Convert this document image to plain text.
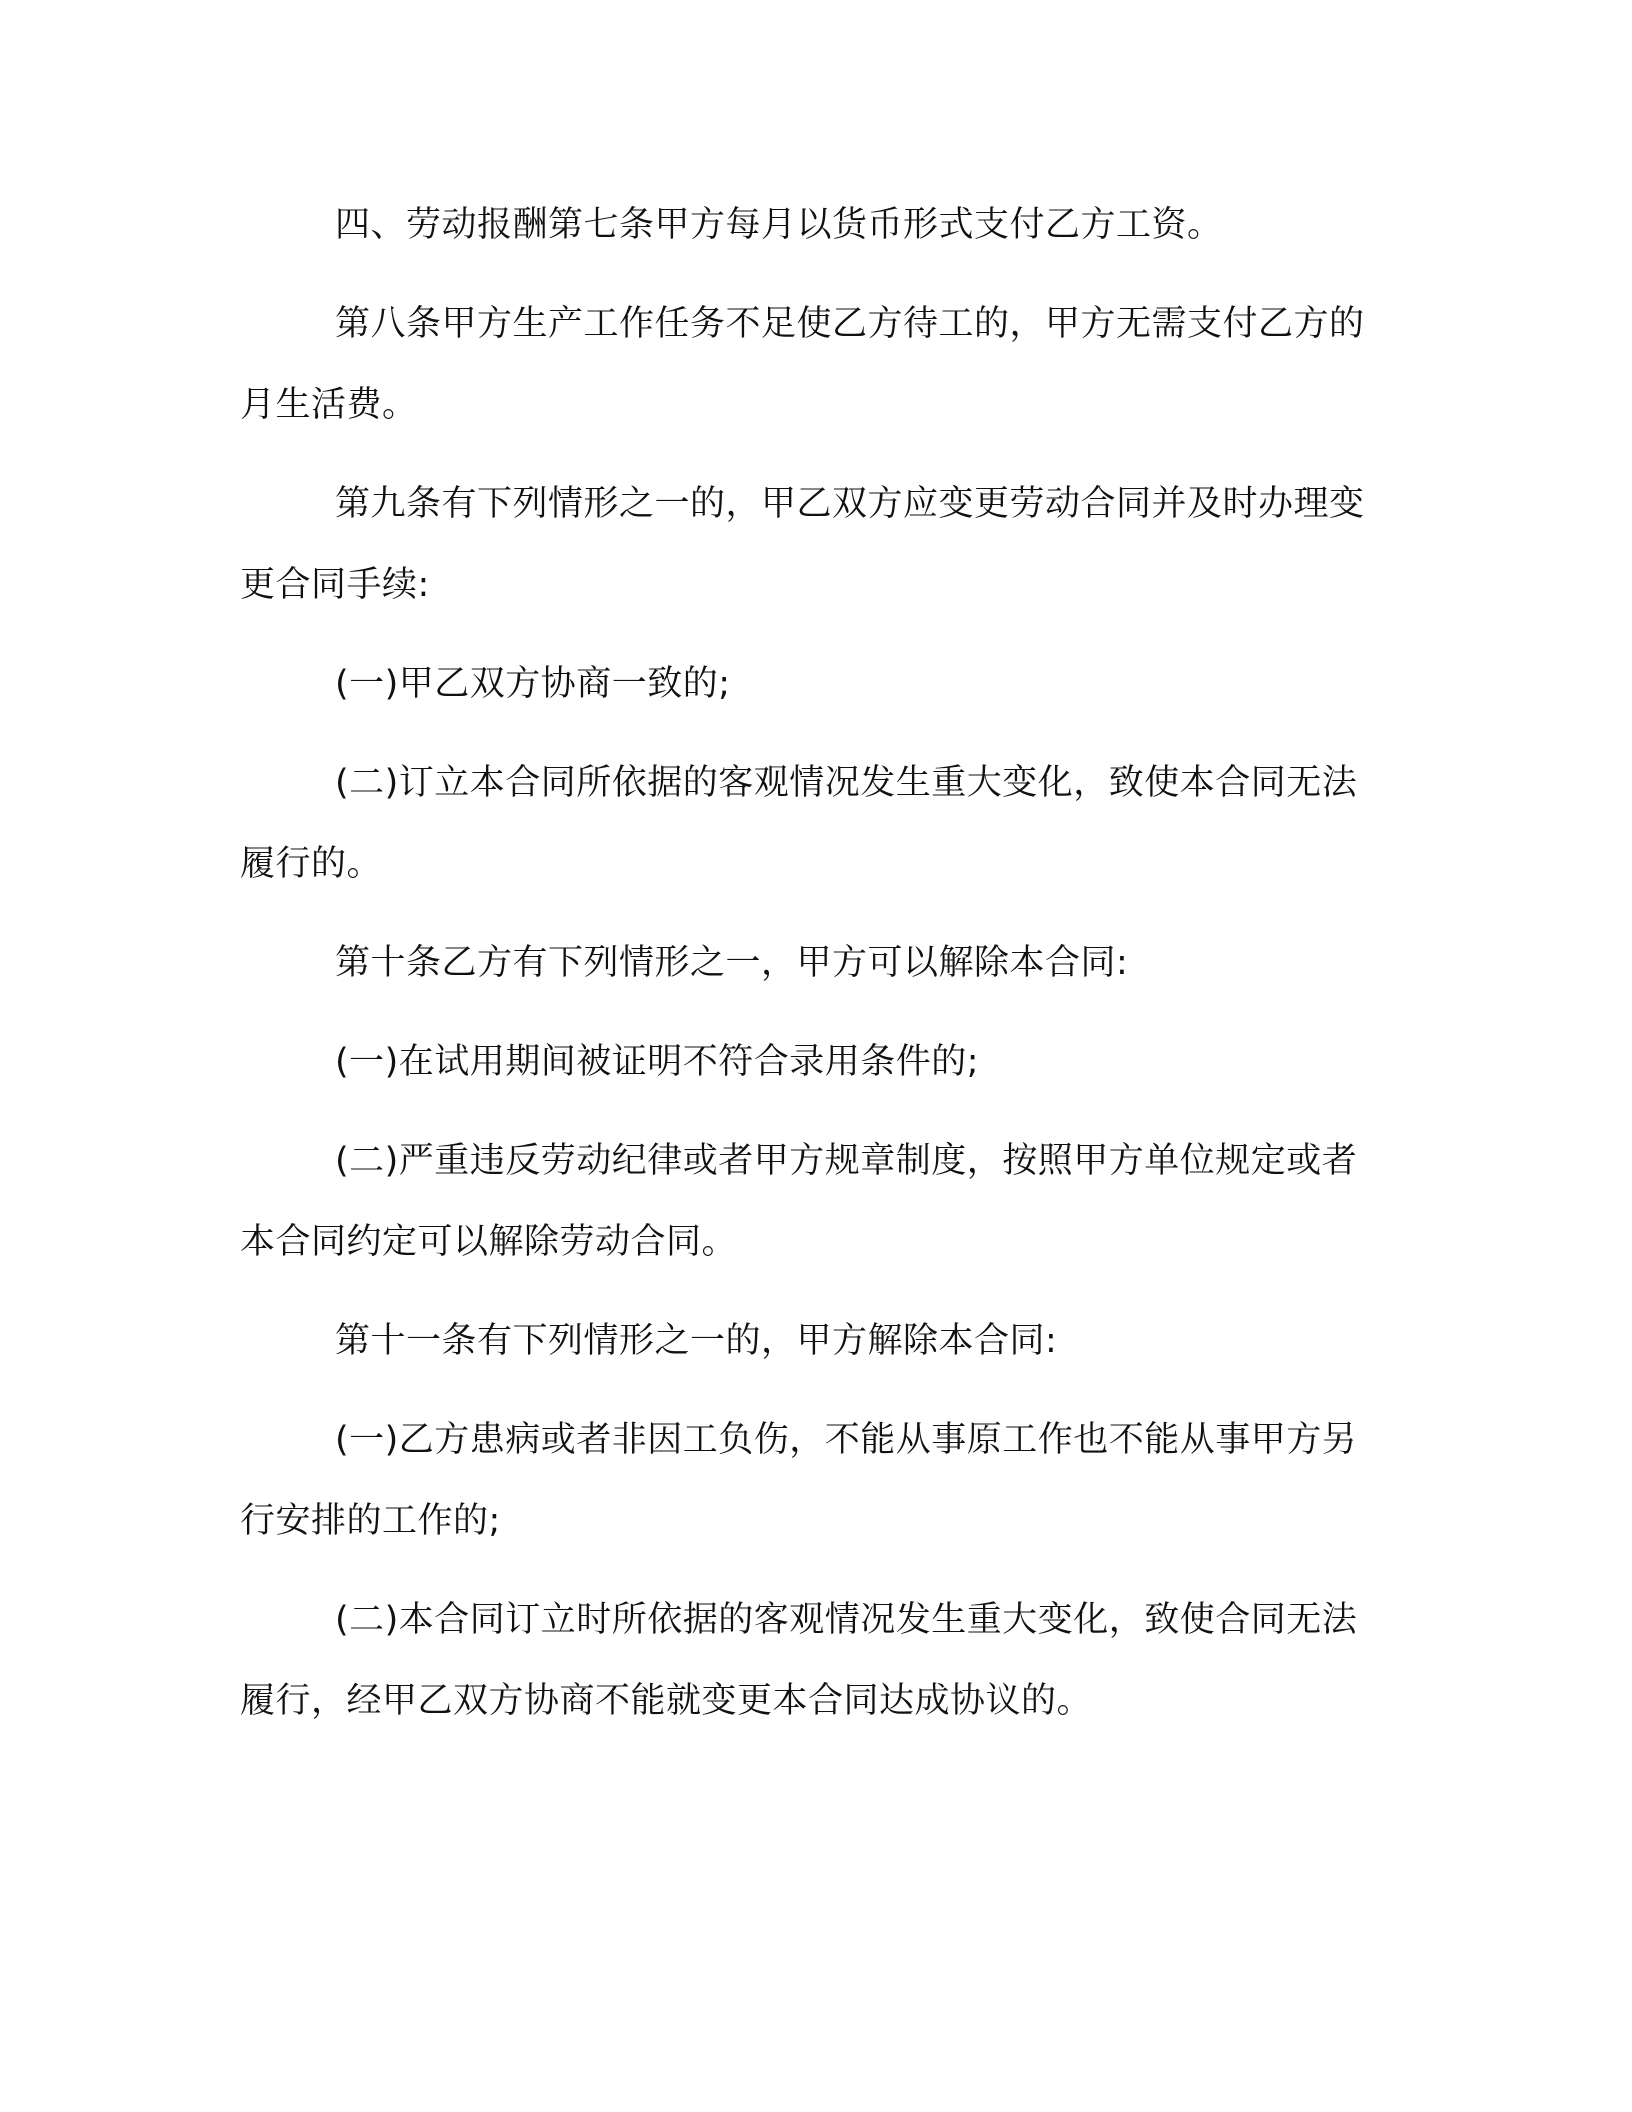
四、劳动报酬第七条甲方每月以货币形式支付乙方工资。

第八条甲方生产工作任务不足使乙方待工的，甲方无需支付乙方的月生活费。

第九条有下列情形之一的，甲乙双方应变更劳动合同并及时办理变更合同手续:

(一)甲乙双方协商一致的;

(二)订立本合同所依据的客观情况发生重大变化，致使本合同无法履行的。

第十条乙方有下列情形之一，甲方可以解除本合同:

(一)在试用期间被证明不符合录用条件的;

(二)严重违反劳动纪律或者甲方规章制度，按照甲方单位规定或者本合同约定可以解除劳动合同。

第十一条有下列情形之一的，甲方解除本合同:

(一)乙方患病或者非因工负伤，不能从事原工作也不能从事甲方另行安排的工作的;

(二)本合同订立时所依据的客观情况发生重大变化，致使合同无法履行，经甲乙双方协商不能就变更本合同达成协议的。
